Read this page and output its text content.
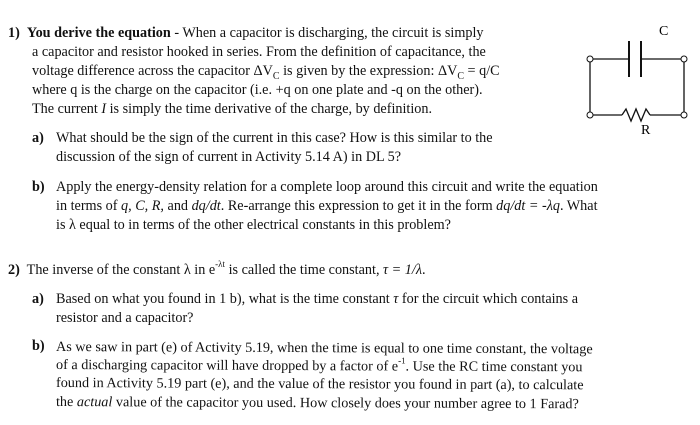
C
R
1) You derive the equation - When a capacitor is discharging, the circuit is simply
a capacitor and resistor hooked in series. From the definition of capacitance, the
voltage difference across the capacitor $\Delta V_C$ is given by the expression: $\Delta V_C = q/C$
where q is the charge on the capacitor (i.e. +q on one plate and -q on the other).
The current I is simply the time derivative of the charge, by definition.
a) What should be the sign of the current in this case? How is this similar to the
discussion of the sign of current in Activity 5.14 A) in DL 5?
b) Apply the energy-density relation for a complete loop around this circuit and write the equation
in terms of q, C, R, and dq/dt. Re-arrange this expression to get it in the form dq/dt = -λq. What
is λ equal to in terms of the other electrical constants in this problem?
2) The inverse of the constant λ in $e^{-\lambda t}$ is called the time constant, τ = 1/λ.
a) Based on what you found in 1 b), what is the time constant τ for the circuit which contains a
resistor and a capacitor?
b) As we saw in part (e) of Activity 5.19, when the time is equal to one time constant, the voltage
of a discharging capacitor will have dropped by a factor of $e^{-1}$. Use the RC time constant you
found in Activity 5.19 part (e), and the value of the resistor you found in part (a), to calculate
the actual value of the capacitor you used. How closely does your number agree to 1 Farad?
